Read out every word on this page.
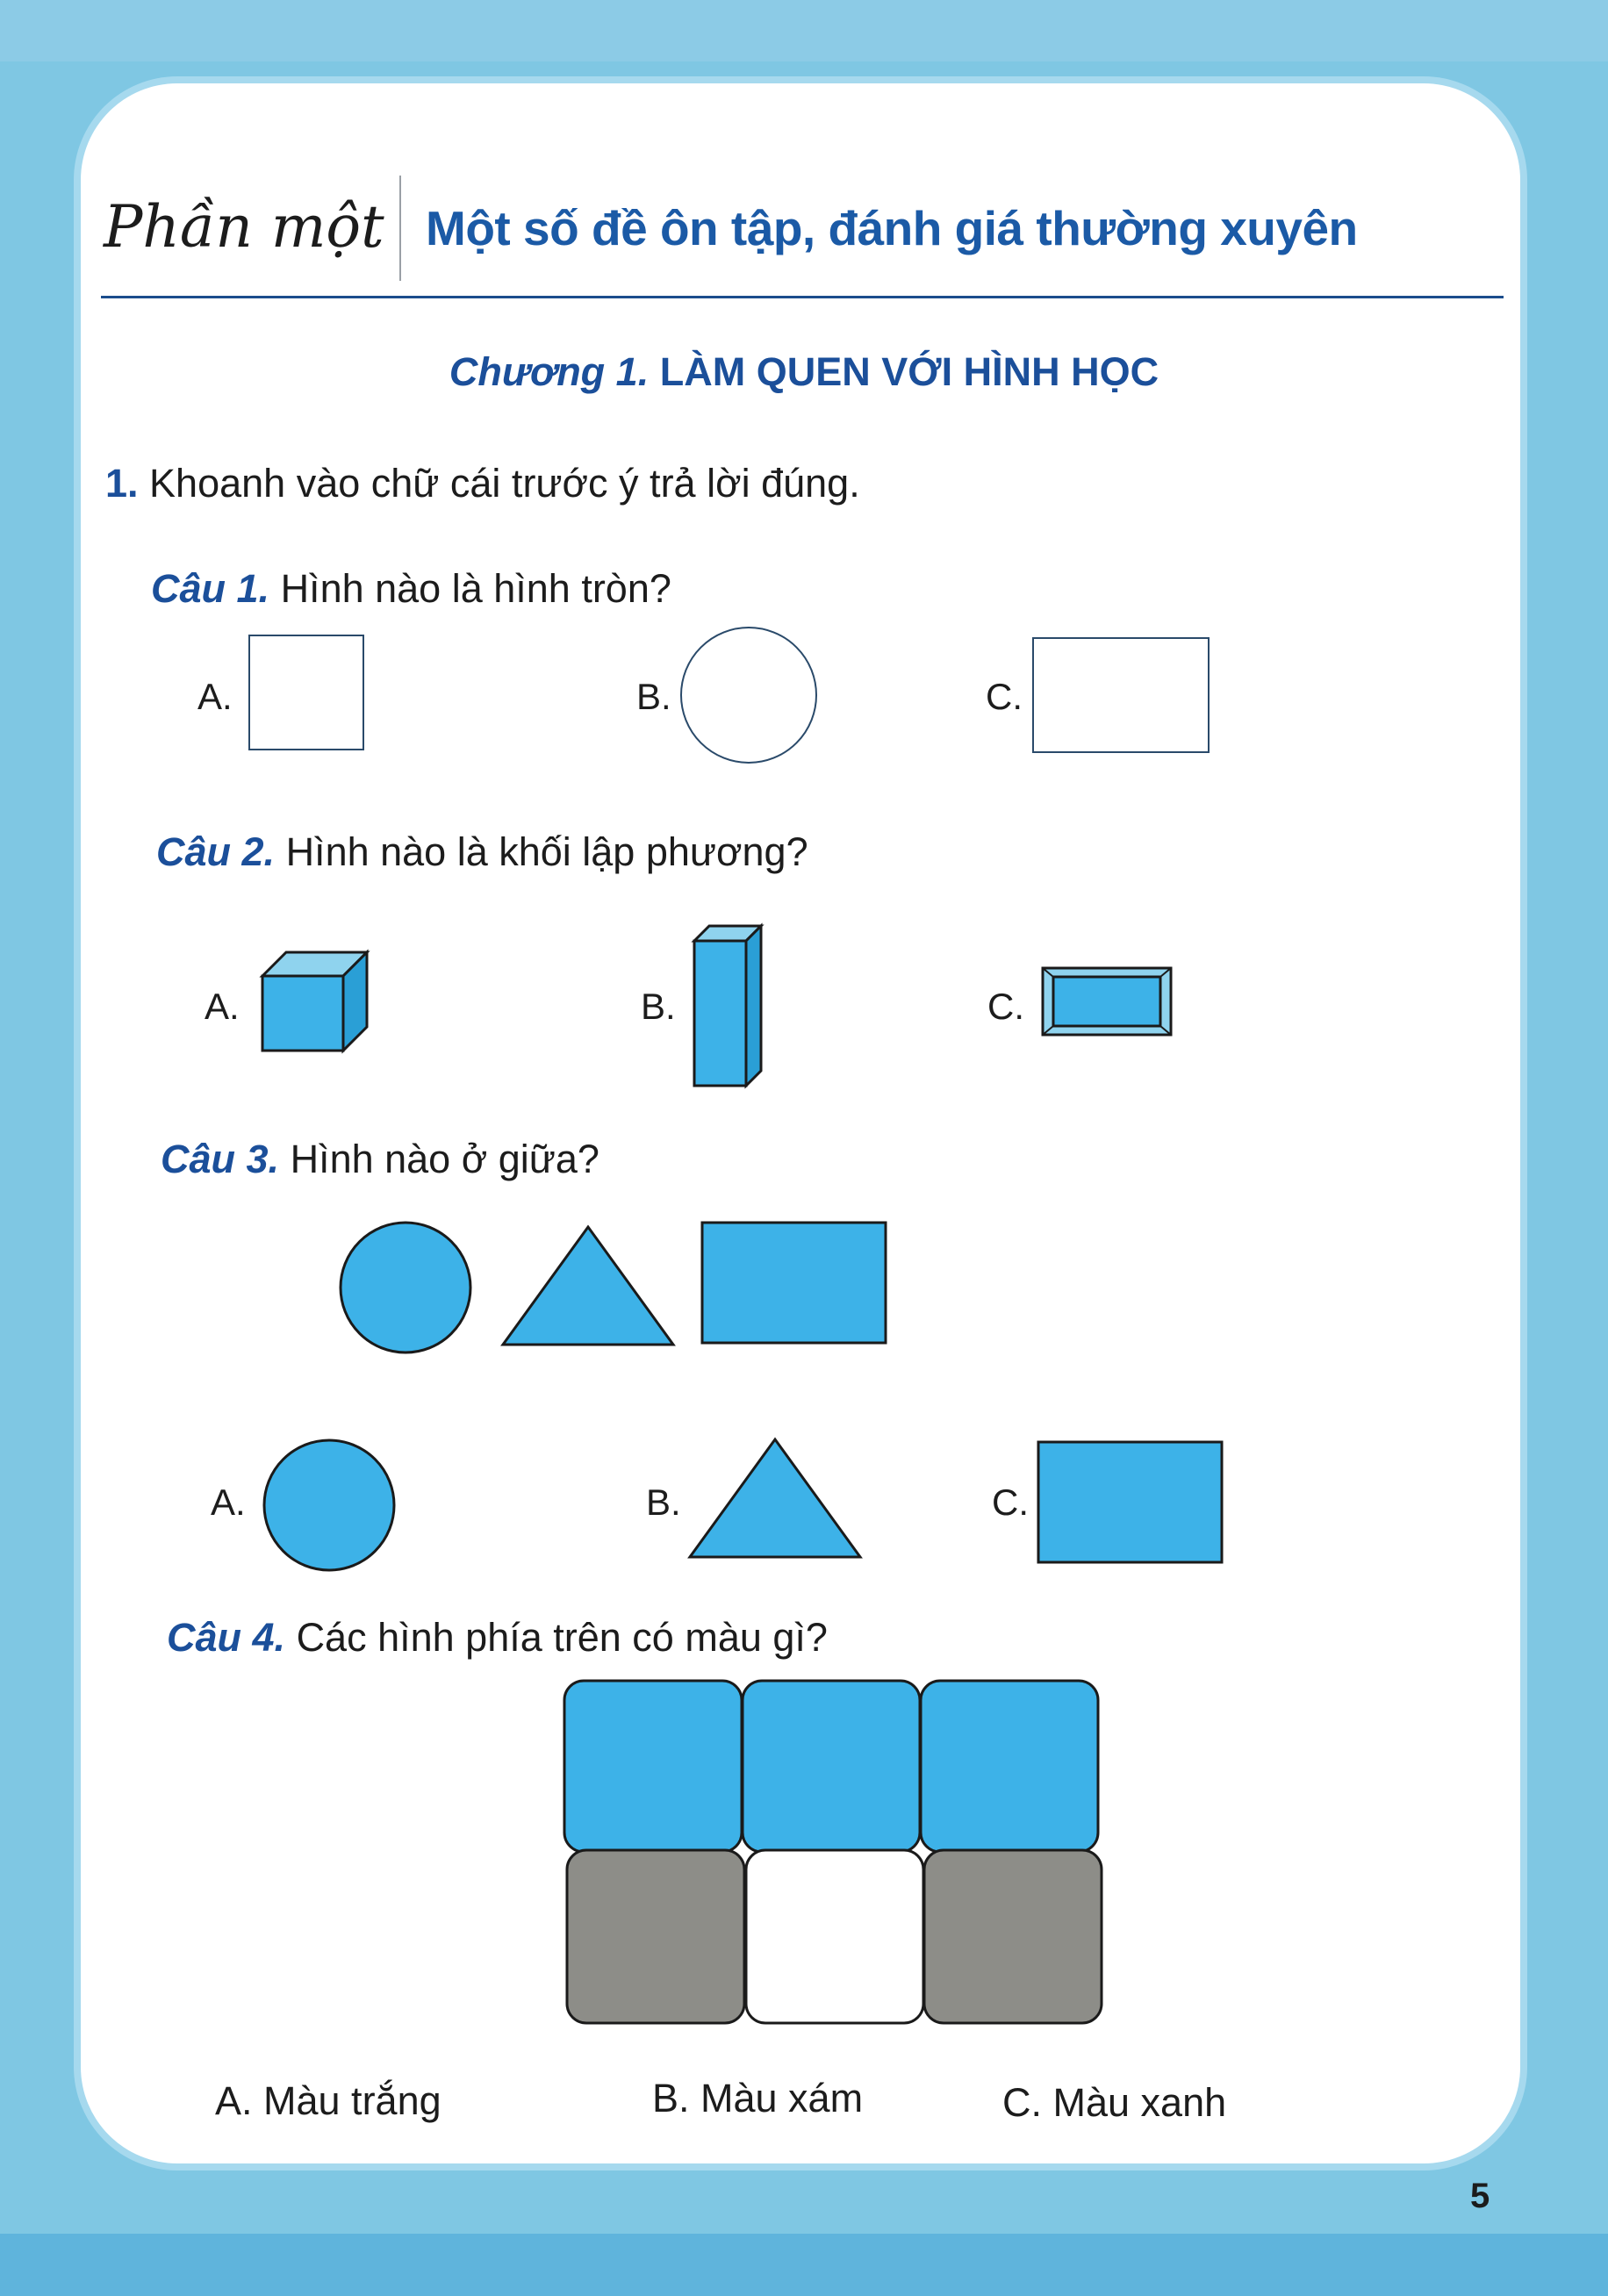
Phần một Một số đề ôn tập, đánh giá thường xuyên
Chương 1. LÀM QUEN VỚI HÌNH HỌC
1. Khoanh vào chữ cái trước ý trả lời đúng.
Câu 1. Hình nào là hình tròn?
A.	B.	C.
Câu 2. Hình nào là khối lập phương?
A.	B.	C.
Câu 3. Hình nào ở giữa?
A.	B.	C.
Câu 4. Các hình phía trên có màu gì?
A. Màu trắng	B. Màu xám	C. Màu xanh
5
